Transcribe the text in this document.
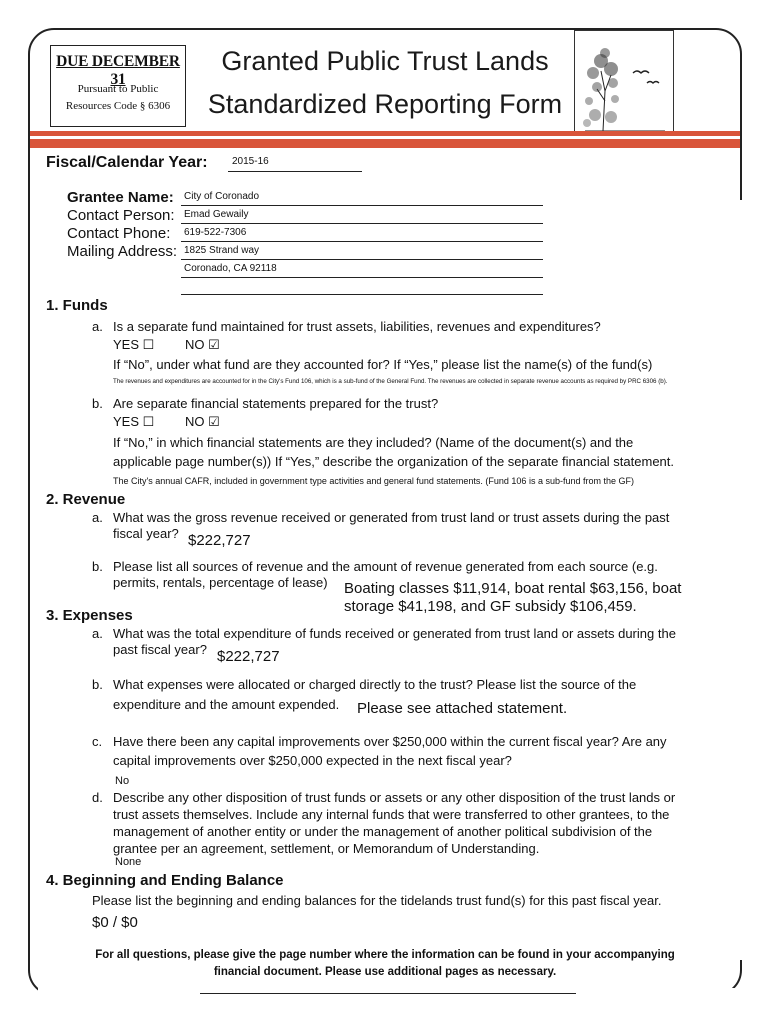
DUE DECEMBER 31
Pursuant to Public
Resources Code § 6306
Granted Public Trust Lands
Standardized Reporting Form
Fiscal/Calendar Year: 2015-16
Grantee Name: City of Coronado
Contact Person: Emad Gewaily
Contact Phone: 619-522-7306
Mailing Address: 1825 Strand way
Coronado, CA 92118
1. Funds
a. Is a separate fund maintained for trust assets, liabilities, revenues and expenditures?
YES ☐ NO ☑
If “No”, under what fund are they accounted for? If “Yes,” please list the name(s) of the fund(s)
The revenues and expenditures are accounted for in the City's Fund 106, which is a sub-fund of the General Fund. The revenues are collected in separate revenue accounts as required by PRC 6306 (b).
b. Are separate financial statements prepared for the trust?
YES ☐ NO ☑
If “No,” in which financial statements are they included? (Name of the document(s) and the
applicable page number(s)) If “Yes,” describe the organization of the separate financial statement.
The City's annual CAFR, included in government type activities and general fund statements. (Fund 106 is a sub-fund from the GF)
2. Revenue
a. What was the gross revenue received or generated from trust land or trust assets during the past
fiscal year? $222,727
b. Please list all sources of revenue and the amount of revenue generated from each source (e.g.
permits, rentals, percentage of lease) Boating classes $11,914, boat rental $63,156, boat
storage $41,198, and GF subsidy $106,459.
3. Expenses
a. What was the total expenditure of funds received or generated from trust land or assets during the
past fiscal year? $222,727
b. What expenses were allocated or charged directly to the trust? Please list the source of the
expenditure and the amount expended. Please see attached statement.
c. Have there been any capital improvements over $250,000 within the current fiscal year? Are any
capital improvements over $250,000 expected in the next fiscal year?
No
d. Describe any other disposition of trust funds or assets or any other disposition of the trust lands or
trust assets themselves. Include any internal funds that were transferred to other grantees, to the
management of another entity or under the management of another political subdivision of the
grantee per an agreement, settlement, or Memorandum of Understanding.
None
4. Beginning and Ending Balance
Please list the beginning and ending balances for the tidelands trust fund(s) for this past fiscal year.
$0 / $0
For all questions, please give the page number where the information can be found in your accompanying
financial document. Please use additional pages as necessary.
